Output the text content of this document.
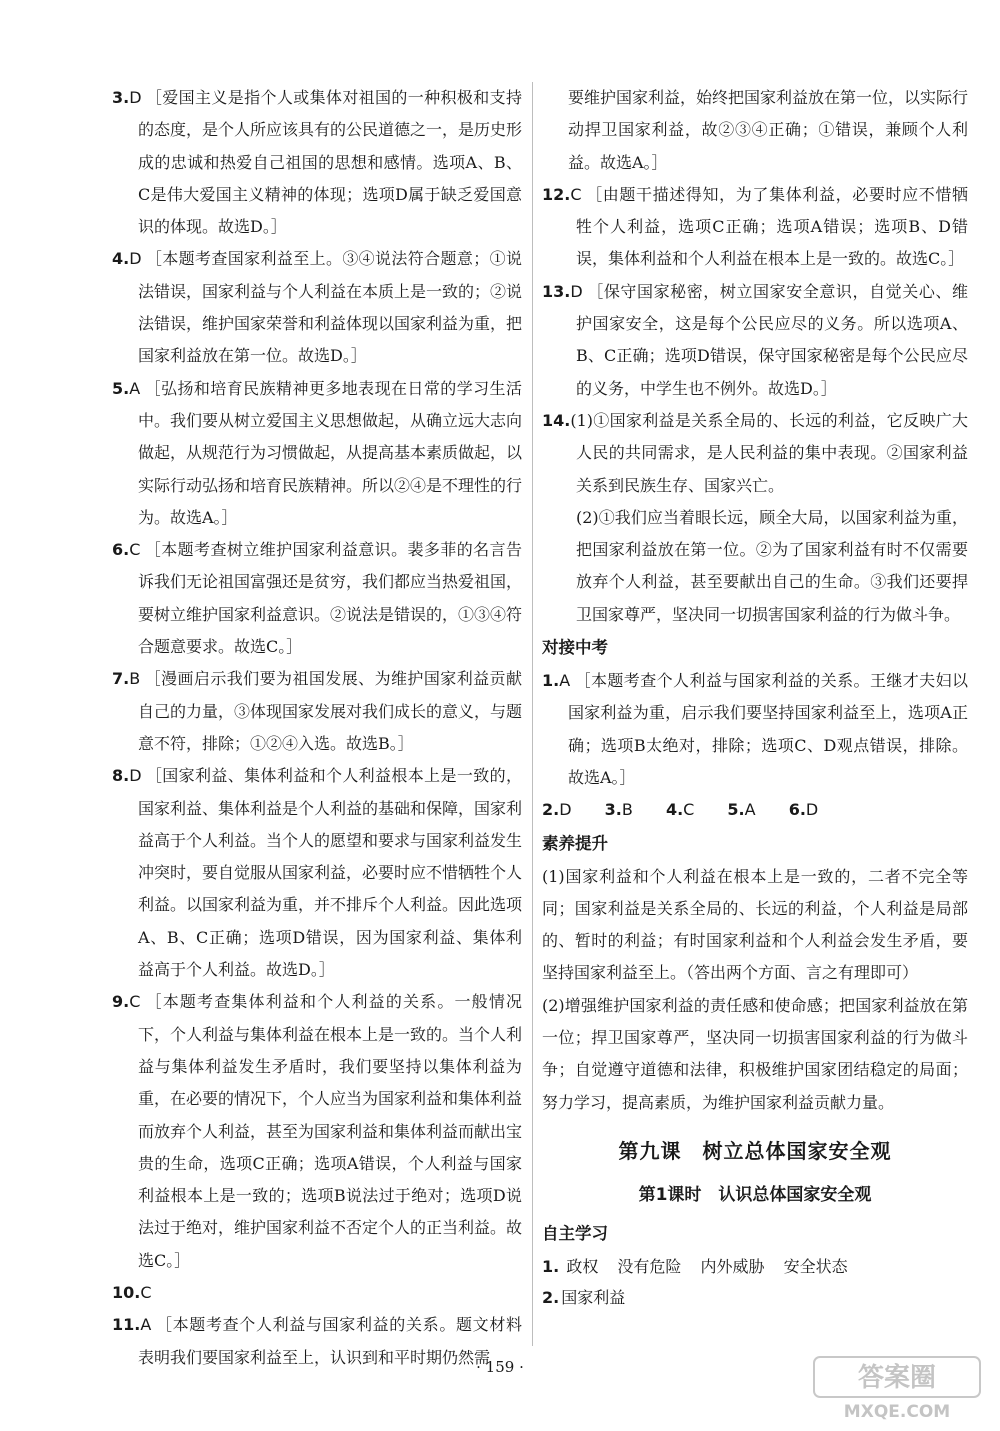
3.D ［爱国主义是指个人或集体对祖国的一种积极和支持的态度，是个人所应该具有的公民道德之一，是历史形成的忠诚和热爱自己祖国的思想和感情。选项A、B、C是伟大爱国主义精神的体现；选项D属于缺乏爱国意识的体现。故选D。］

4.D ［本题考查国家利益至上。③④说法符合题意；①说法错误，国家利益与个人利益在本质上是一致的；②说法错误，维护国家荣誉和利益体现以国家利益为重，把国家利益放在第一位。故选D。］

5.A ［弘扬和培育民族精神更多地表现在日常的学习生活中。我们要从树立爱国主义思想做起，从确立远大志向做起，从规范行为习惯做起，从提高基本素质做起，以实际行动弘扬和培育民族精神。所以②④是不理性的行为。故选A。］

6.C ［本题考查树立维护国家利益意识。裴多菲的名言告诉我们无论祖国富强还是贫穷，我们都应当热爱祖国，要树立维护国家利益意识。②说法是错误的，①③④符合题意要求。故选C。］

7.B ［漫画启示我们要为祖国发展、为维护国家利益贡献自己的力量，③体现国家发展对我们成长的意义，与题意不符，排除；①②④入选。故选B。］

8.D ［国家利益、集体利益和个人利益根本上是一致的，国家利益、集体利益是个人利益的基础和保障，国家利益高于个人利益。当个人的愿望和要求与国家利益发生冲突时，要自觉服从国家利益，必要时应不惜牺牲个人利益。以国家利益为重，并不排斥个人利益。因此选项A、B、C正确；选项D错误，因为国家利益、集体利益高于个人利益。故选D。］

9.C ［本题考查集体利益和个人利益的关系。一般情况下，个人利益与集体利益在根本上是一致的。当个人利益与集体利益发生矛盾时，我们要坚持以集体利益为重，在必要的情况下，个人应当为国家利益和集体利益而放弃个人利益，甚至为国家利益和集体利益而献出宝贵的生命，选项C正确；选项A错误，个人利益与国家利益根本上是一致的；选项B说法过于绝对；选项D说法过于绝对，维护国家利益不否定个人的正当利益。故选C。］

10.C

11.A ［本题考查个人利益与国家利益的关系。题文材料表明我们要国家利益至上，认识到和平时期仍然需

要维护国家利益，始终把国家利益放在第一位，以实际行动捍卫国家利益，故②③④正确；①错误，兼顾个人利益。故选A。］

12.C ［由题干描述得知，为了集体利益，必要时应不惜牺牲个人利益，选项C正确；选项A错误；选项B、D错误，集体利益和个人利益在根本上是一致的。故选C。］

13.D ［保守国家秘密，树立国家安全意识，自觉关心、维护国家安全，这是每个公民应尽的义务。所以选项A、B、C正确；选项D错误，保守国家秘密是每个公民应尽的义务，中学生也不例外。故选D。］

14.(1)①国家利益是关系全局的、长远的利益，它反映广大人民的共同需求，是人民利益的集中表现。②国家利益关系到民族生存、国家兴亡。

(2)①我们应当着眼长远，顾全大局，以国家利益为重，把国家利益放在第一位。②为了国家利益有时不仅需要放弃个人利益，甚至要献出自己的生命。③我们还要捍卫国家尊严，坚决同一切损害国家利益的行为做斗争。

对接中考

1.A ［本题考查个人利益与国家利益的关系。王继才夫妇以国家利益为重，启示我们要坚持国家利益至上，选项A正确；选项B太绝对，排除；选项C、D观点错误，排除。故选A。］

2.D 3.B 4.C 5.A 6.D

素养提升

(1)国家利益和个人利益在根本上是一致的，二者不完全等同；国家利益是关系全局的、长远的利益，个人利益是局部的、暂时的利益；有时国家利益和个人利益会发生矛盾，要坚持国家利益至上。（答出两个方面、言之有理即可）

(2)增强维护国家利益的责任感和使命感；把国家利益放在第一位；捍卫国家尊严，坚决同一切损害国家利益的行为做斗争；自觉遵守道德和法律，积极维护国家团结稳定的局面；努力学习，提高素质，为维护国家利益贡献力量。

第九课　树立总体国家安全观

第1课时　认识总体国家安全观

自主学习

1. 政权 没有危险 内外威胁 安全状态

2. 国家利益

· 159 ·	答案圈
MXQE.COM
